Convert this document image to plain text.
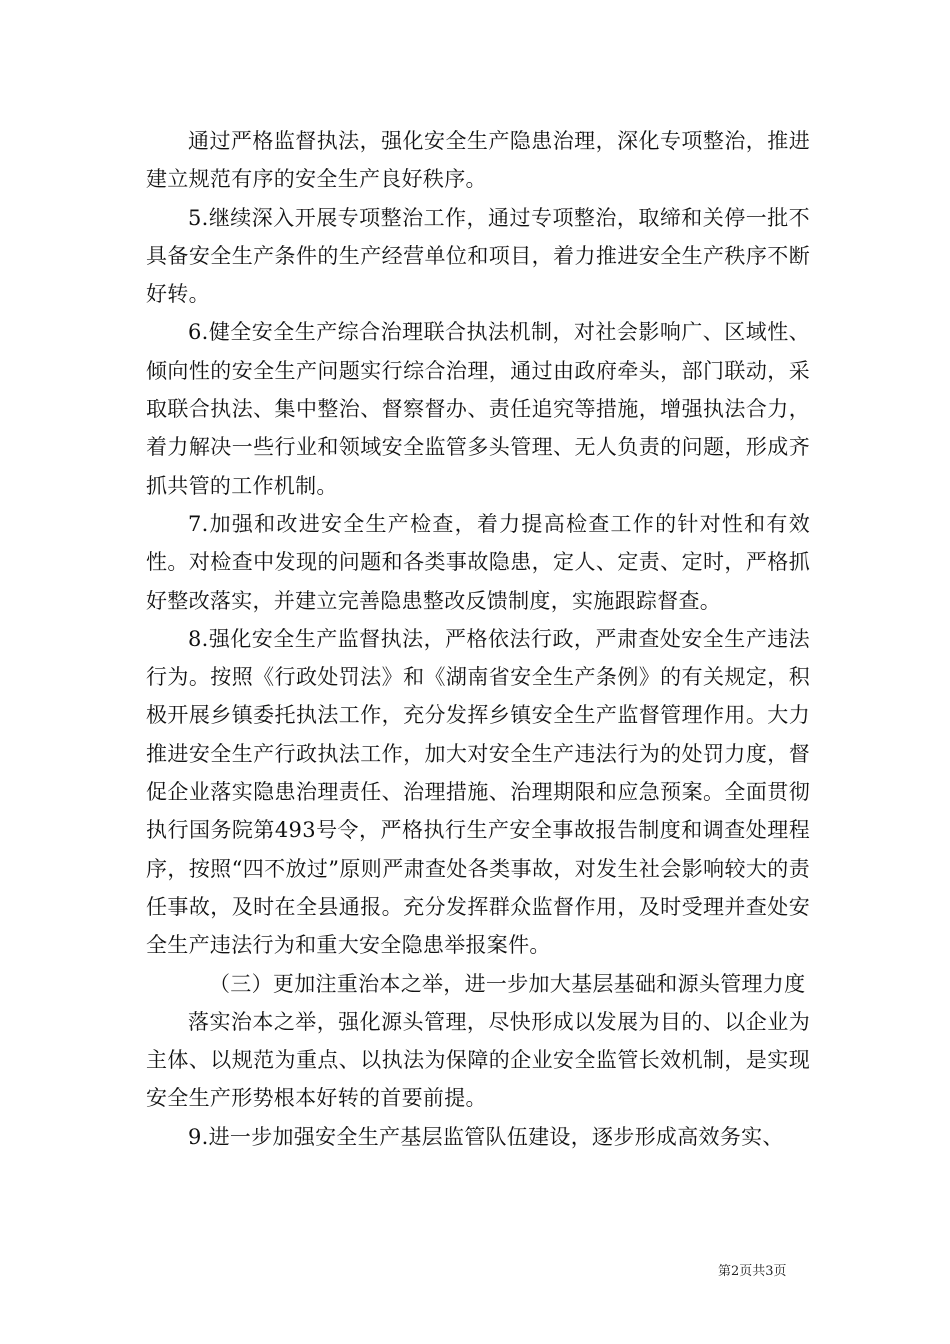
通过严格监督执法，强化安全生产隐患治理，深化专项整治，推进建立规范有序的安全生产良好秩序。

5.继续深入开展专项整治工作，通过专项整治，取缔和关停一批不具备安全生产条件的生产经营单位和项目，着力推进安全生产秩序不断好转。

6.健全安全生产综合治理联合执法机制，对社会影响广、区域性、倾向性的安全生产问题实行综合治理，通过由政府牵头，部门联动，采取联合执法、集中整治、督察督办、责任追究等措施，增强执法合力，着力解决一些行业和领域安全监管多头管理、无人负责的问题，形成齐抓共管的工作机制。

7.加强和改进安全生产检查，着力提高检查工作的针对性和有效性。对检查中发现的问题和各类事故隐患，定人、定责、定时，严格抓好整改落实，并建立完善隐患整改反馈制度，实施跟踪督查。

8.强化安全生产监督执法，严格依法行政，严肃查处安全生产违法行为。按照《行政处罚法》和《湖南省安全生产条例》的有关规定，积极开展乡镇委托执法工作，充分发挥乡镇安全生产监督管理作用。大力推进安全生产行政执法工作，加大对安全生产违法行为的处罚力度，督促企业落实隐患治理责任、治理措施、治理期限和应急预案。全面贯彻执行国务院第493号令，严格执行生产安全事故报告制度和调查处理程序，按照“四不放过”原则严肃查处各类事故，对发生社会影响较大的责任事故，及时在全县通报。充分发挥群众监督作用，及时受理并查处安全生产违法行为和重大安全隐患举报案件。

（三）更加注重治本之举，进一步加大基层基础和源头管理力度

落实治本之举，强化源头管理，尽快形成以发展为目的、以企业为主体、以规范为重点、以执法为保障的企业安全监管长效机制，是实现安全生产形势根本好转的首要前提。

9.进一步加强安全生产基层监管队伍建设，逐步形成高效务实、

第2页共3页
